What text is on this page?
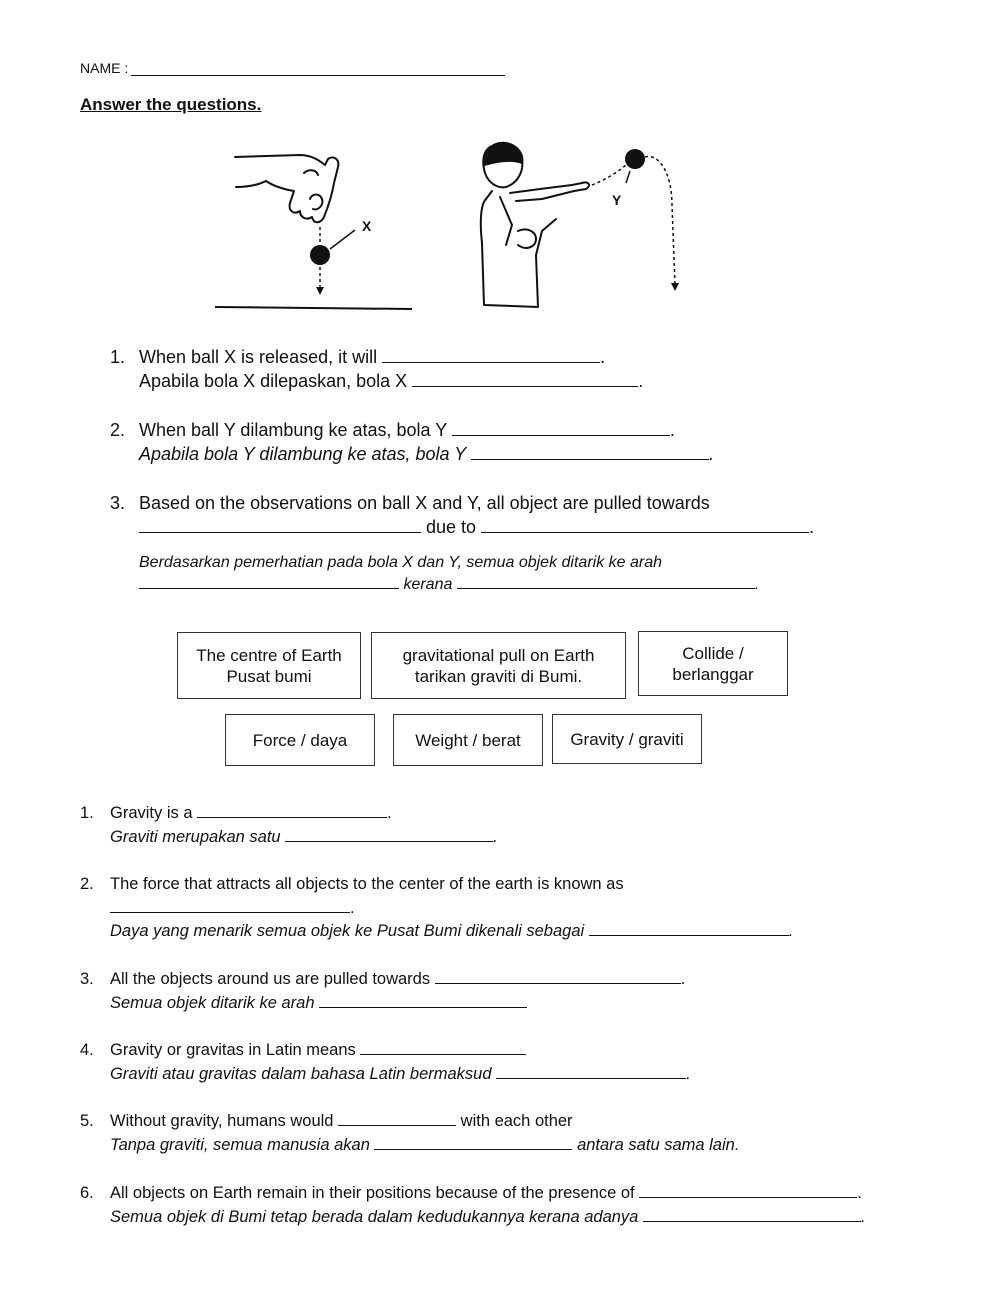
NAME :
Answer the questions.
X
Y
1. When ball X is released, it will	.
Apabila bola X dilepaskan, bola X	.
2. When ball Y dilambung ke atas, bola Y	.
Apabila bola Y dilambung ke atas, bola Y	.
3. Based on the observations on ball X and Y, all object are pulled towards
due to	.
Berdasarkan pemerhatian pada bola X dan Y, semua objek ditarik ke arah
kerana	.
The centre of Earth
Pusat bumi
gravitational pull on Earth
tarikan graviti di Bumi.
Collide /
berlanggar
Force / daya	Weight / berat	Gravity / graviti
1. Gravity is a	.
Graviti merupakan satu	.
2. The force that attracts all objects to the center of the earth is known as
.
Daya yang menarik semua objek ke Pusat Bumi dikenali sebagai	.
3. All the objects around us are pulled towards	.
Semua objek ditarik ke arah
4. Gravity or gravitas in Latin means
Graviti atau gravitas dalam bahasa Latin bermaksud	.
5. Without gravity, humans would	with each other
Tanpa graviti, semua manusia akan	antara satu sama lain.
6. All objects on Earth remain in their positions because of the presence of	.
Semua objek di Bumi tetap berada dalam kedudukannya kerana adanya	.
